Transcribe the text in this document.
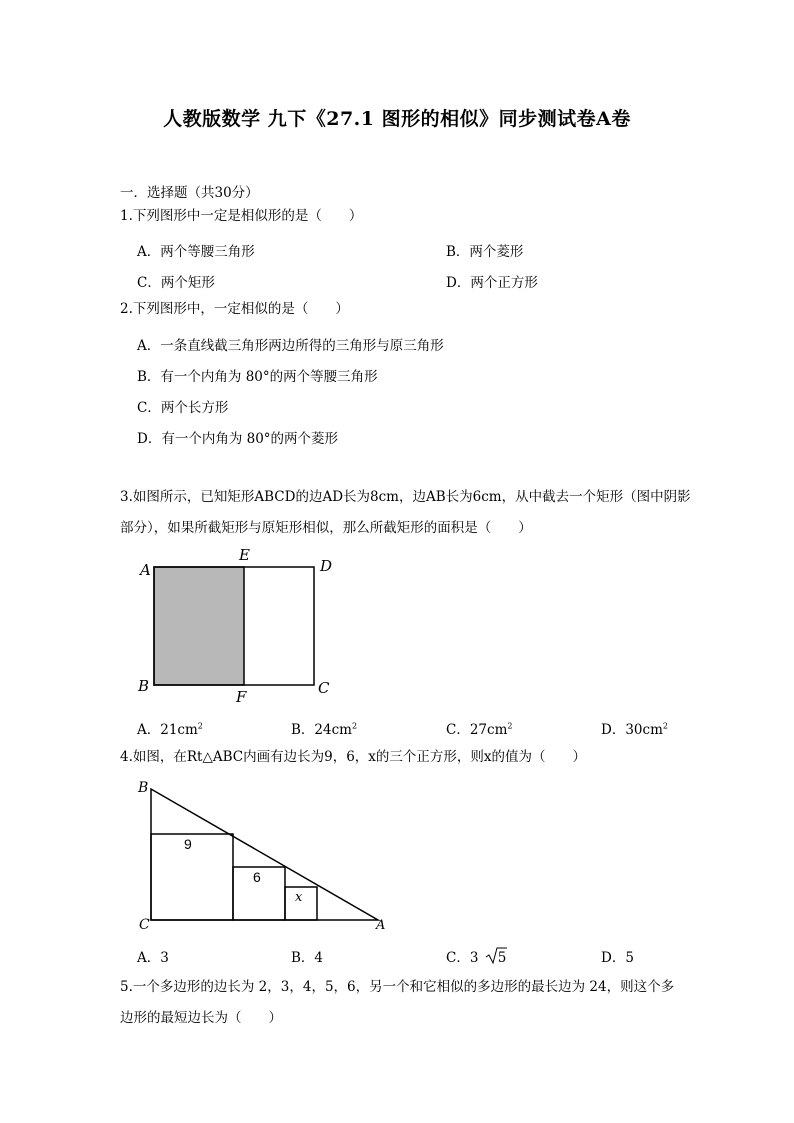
人教版数学 九下《27.1 图形的相似》同步测试卷A卷
一．选择题（共30分）
1.下列图形中一定是相似形的是（　　）
A．两个等腰三角形	B．两个菱形
C．两个矩形	D．两个正方形
2.下列图形中，一定相似的是（　　）
A．一条直线截三角形两边所得的三角形与原三角形
B．有一个内角为 80°的两个等腰三角形
C．两个长方形
D．有一个内角为 80°的两个菱形
3.如图所示，已知矩形ABCD的边AD长为8cm，边AB长为6cm，从中截去一个矩形（图中阴影
部分），如果所截矩形与原矩形相似，那么所截矩形的面积是（　　）
A
E
D
B
F	C
A．$21cm^2$	B．$24cm^2$	C．$27cm^2$	D．$30cm^2$
4.如图，在Rt△ABC内画有边长为9，6，x的三个正方形，则x的值为（　　）
B
C	A
9
6
x
A．3	B．4	C．3 5	D．5
5.一个多边形的边长为 2，3，4，5，6，另一个和它相似的多边形的最长边为 24，则这个多
边形的最短边长为（　　）
